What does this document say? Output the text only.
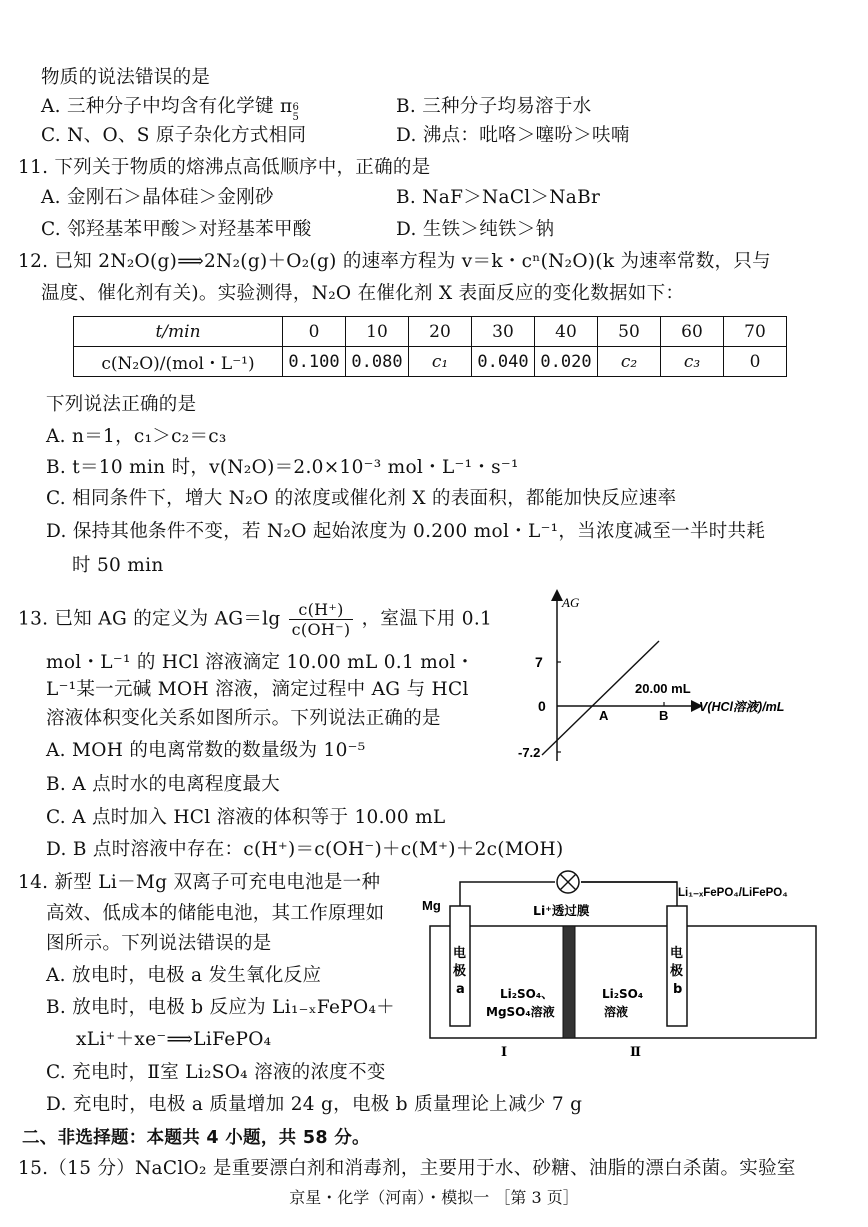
物质的说法错误的是
A. 三种分子中均含有化学键 π 6
5
B. 三种分子均易溶于水
C. N、O、S 原子杂化方式相同	D. 沸点：吡咯＞噻吩＞呋喃
11. 下列关于物质的熔沸点高低顺序中，正确的是
A. 金刚石＞晶体硅＞金刚砂	B. NaF＞NaCl＞NaBr
C. 邻羟基苯甲酸＞对羟基苯甲酸	D. 生铁＞纯铁＞钠
12. 已知 2N₂O(g)⟹2N₂(g)＋O₂(g) 的速率方程为 v＝k・cⁿ(N₂O)(k 为速率常数，只与
温度、催化剂有关)。实验测得，N₂O 在催化剂 X 表面反应的变化数据如下：
t/min	0	10	20	30	40	50	60	70
c(N₂O)/(mol・L⁻¹)	0.100	0.080	c₁	0.040	0.020	c₂	c₃	0
下列说法正确的是
A. n＝1，c₁＞c₂＝c₃
B. t＝10 min 时，v(N₂O)＝2.0×10⁻³ mol・L⁻¹・s⁻¹
C. 相同条件下，增大 N₂O 的浓度或催化剂 X 的表面积，都能加快反应速率
D. 保持其他条件不变，若 N₂O 起始浓度为 0.200 mol・L⁻¹，当浓度减至一半时共耗
时 50 min
13. 已知 AG 的定义为 $AG=\lg \frac{c(H^+)}{c(OH^-)}$ ，室温下用 0.1
mol・L⁻¹ 的 HCl 溶液滴定 10.00 mL 0.1 mol・
L⁻¹某一元碱 MOH 溶液，滴定过程中 AG 与 HCl
溶液体积变化关系如图所示。下列说法正确的是
A. MOH 的电离常数的数量级为 10⁻⁵
B. A 点时水的电离程度最大
C. A 点时加入 HCl 溶液的体积等于 10.00 mL
D. B 点时溶液中存在：c(H⁺)＝c(OH⁻)＋c(M⁺)＋2c(MOH)
AG
7
0
-7.2
20.00 mL
V(HCl溶液)/mL
A	B
14. 新型 Li－Mg 双离子可充电电池是一种
高效、低成本的储能电池，其工作原理如
图所示。下列说法错误的是
A. 放电时，电极 a 发生氧化反应
B. 放电时，电极 b 反应为 Li₁₋ₓFePO₄＋
xLi⁺＋xe⁻⟹LiFePO₄
C. 充电时，Ⅱ室 Li₂SO₄ 溶液的浓度不变
D. 充电时，电极 a 质量增加 24 g，电极 b 质量理论上减少 7 g
Mg
Li₁₋ₓFePO₄/LiFePO₄
Li⁺透过膜
电
极
a
电
极
b
Li₂SO₄、
MgSO₄溶液
Li₂SO₄
溶液
Ⅰ	Ⅱ
二、非选择题：本题共 4 小题，共 58 分。
15.（15 分）NaClO₂ 是重要漂白剂和消毒剂，主要用于水、砂糖、油脂的漂白杀菌。实验室
京星・化学（河南）・模拟一 ［第 3 页］
